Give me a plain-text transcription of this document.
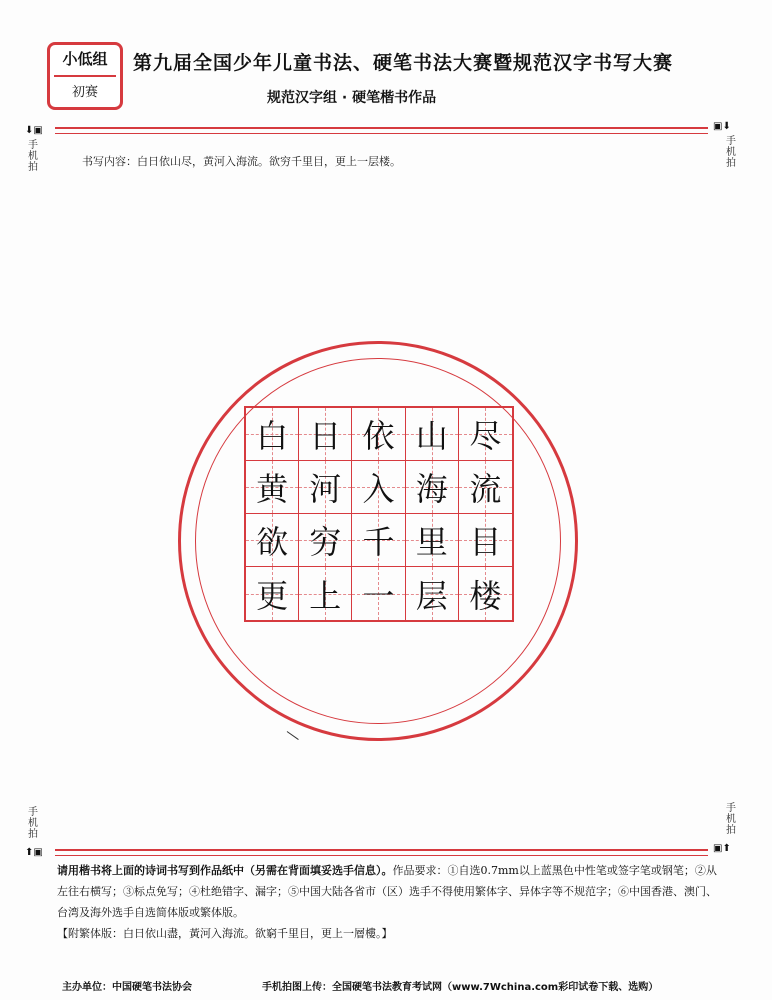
小低组
初赛
第九届全国少年儿童书法、硬笔书法大赛暨规范汉字书写大赛
规范汉字组 · 硬笔楷书作品
⬇▣
手机拍
▣⬇
手机拍
书写内容：白日依山尽，黄河入海流。欲穷千里目，更上一层楼。
白 日 依 山 尽
黄 河 入 海 流
欲 穷 千 里 目
更 上 一 层 楼
手机拍
⬆▣
手机拍
▣⬆
请用楷书将上面的诗词书写到作品纸中（另需在背面填妥选手信息）。作品要求：①自选0.7mm以上蓝黑色中性笔或签字笔或钢笔；②从左往右横写；③标点免写；④杜绝错字、漏字；⑤中国大陆各省市（区）选手不得使用繁体字、异体字等不规范字；⑥中国香港、澳门、台湾及海外选手自选简体版或繁体版。
【附繁体版：白日依山盡，黃河入海流。欲窮千里目，更上一層樓。】
主办单位：中国硬笔书法协会	手机拍图上传：全国硬笔书法教育考试网（www.7Wchina.com彩印试卷下载、选购）
